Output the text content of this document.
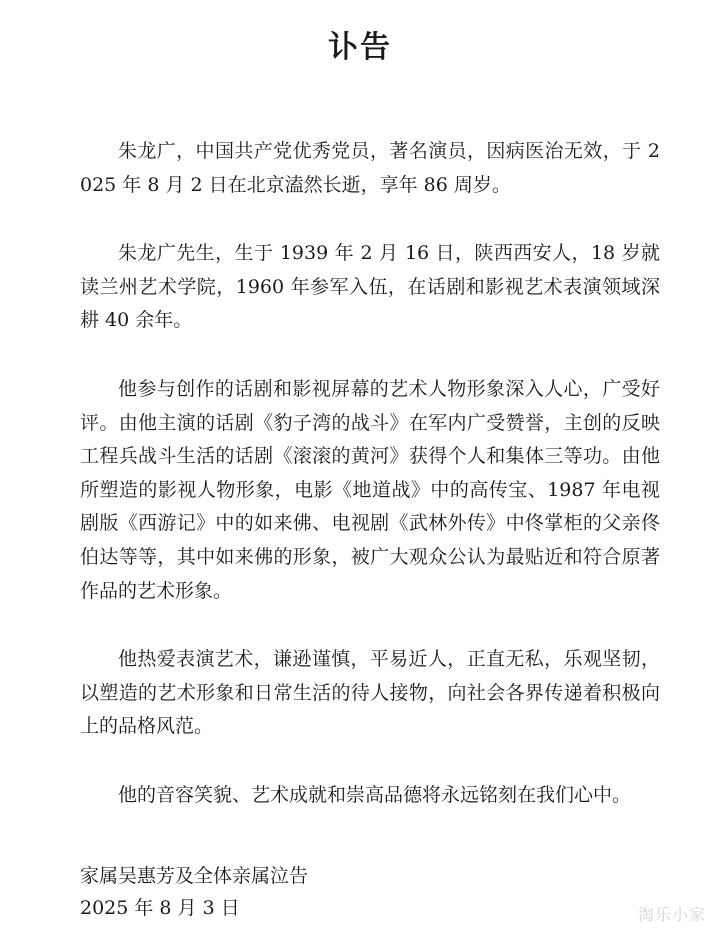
讣告

朱龙广，中国共产党优秀党员，著名演员，因病医治无效，于 2025 年 8 月 2 日在北京溘然长逝，享年 86 周岁。

朱龙广先生，生于 1939 年 2 月 16 日，陕西西安人，18 岁就读兰州艺术学院，1960 年参军入伍，在话剧和影视艺术表演领域深耕 40 余年。

他参与创作的话剧和影视屏幕的艺术人物形象深入人心，广受好评。由他主演的话剧《豹子湾的战斗》在军内广受赞誉，主创的反映工程兵战斗生活的话剧《滚滚的黄河》获得个人和集体三等功。由他所塑造的影视人物形象，电影《地道战》中的高传宝、1987 年电视剧版《西游记》中的如来佛、电视剧《武林外传》中佟掌柜的父亲佟伯达等等，其中如来佛的形象，被广大观众公认为最贴近和符合原著作品的艺术形象。

他热爱表演艺术，谦逊谨慎，平易近人，正直无私，乐观坚韧，以塑造的艺术形象和日常生活的待人接物，向社会各界传递着积极向上的品格风范。

他的音容笑貌、艺术成就和崇高品德将永远铭刻在我们心中。

家属吴惠芳及全体亲属泣告
2025 年 8 月 3 日	淘乐小家
